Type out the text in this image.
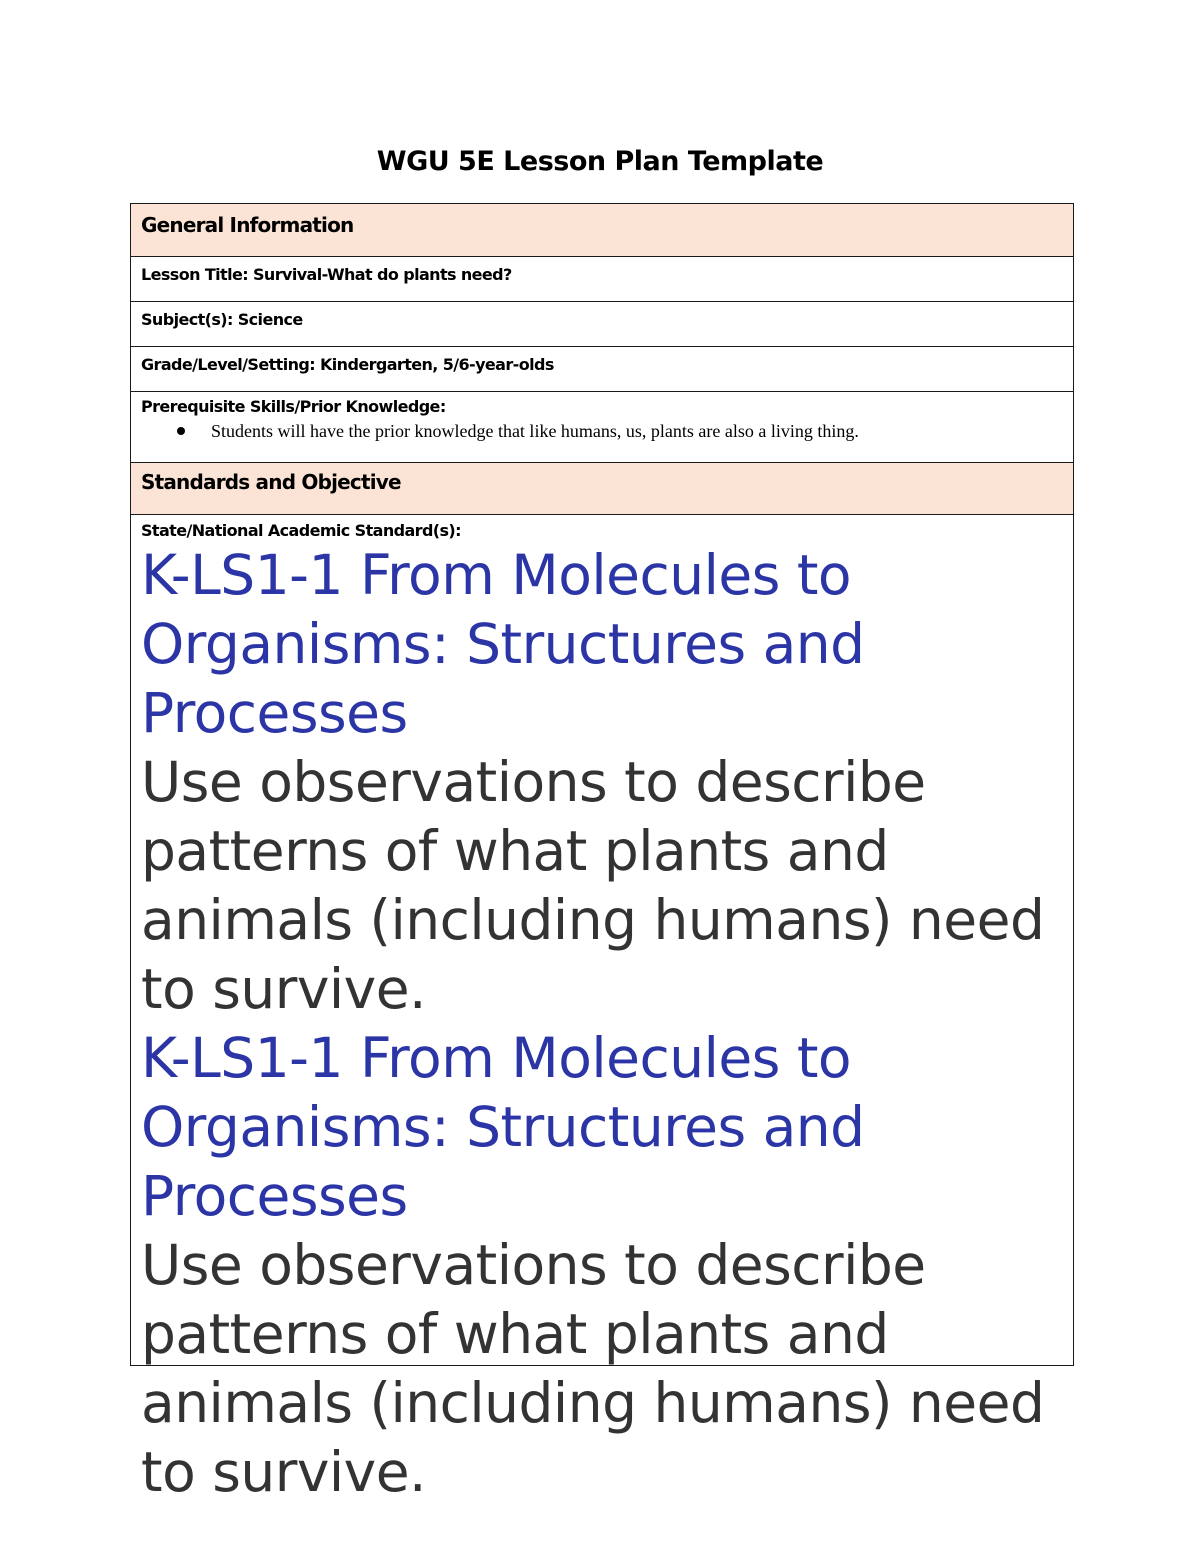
WGU 5E Lesson Plan Template
General Information
Lesson Title: Survival-What do plants need?
Subject(s): Science
Grade/Level/Setting: Kindergarten, 5/6-year-olds
Prerequisite Skills/Prior Knowledge:
Students will have the prior knowledge that like humans, us, plants are also a living thing.
Standards and Objective
State/National Academic Standard(s):
K-LS1-1 From Molecules to Organisms: Structures and Processes
Use observations to describe patterns of what plants and animals (including humans) need to survive.
K-LS1-1 From Molecules to Organisms: Structures and Processes
Use observations to describe patterns of what plants and animals (including humans) need to survive.
